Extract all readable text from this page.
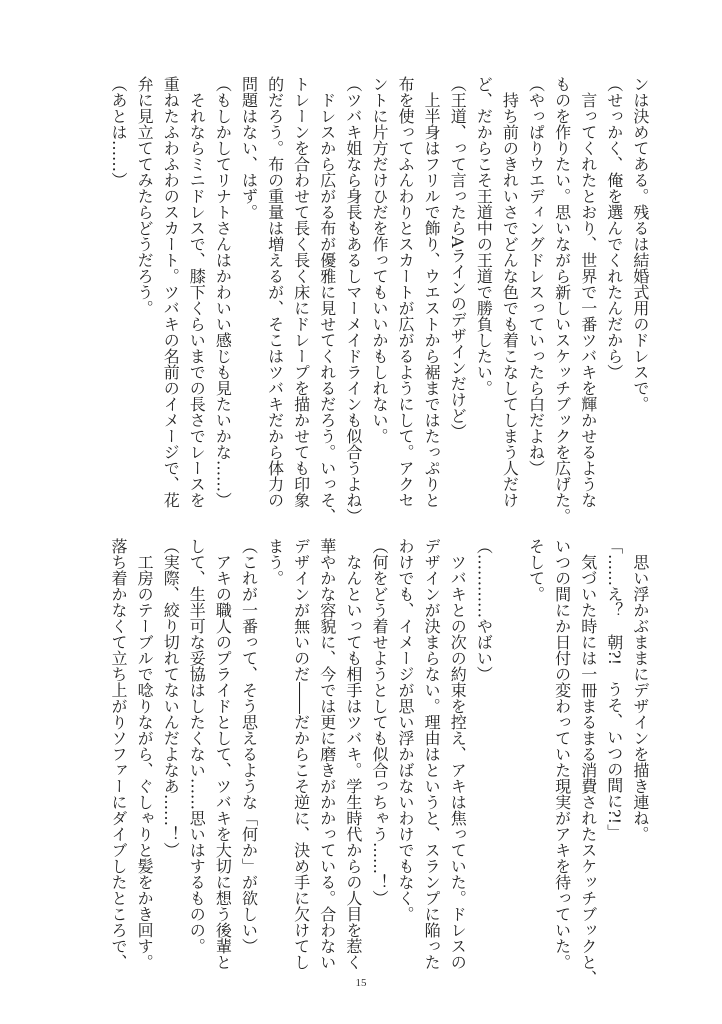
ンは決めてある。残るは結婚式用のドレスで。
（せっかく、俺を選んでくれたんだから）
　言ってくれたとおり、世界で一番ツバキを輝かせるような
ものを作りたい。思いながら新しいスケッチブックを広げた。
（やっぱりウエディングドレスっていったら白だよね）
　持ち前のきれいさでどんな色でも着こなしてしまう人だけ
ど、だからこそ王道中の王道で勝負したい。
（王道、って言ったらAラインのデザインだけど）
　上半身はフリルで飾り、ウエストから裾まではたっぷりと
布を使ってふんわりとスカートが広がるようにして。アクセ
ントに片方だけひだを作ってもいいかもしれない。
（ツバキ姐なら身長もあるしマーメイドラインも似合うよね）
　ドレスから広がる布が優雅に見せてくれるだろう。いっそ、
トレーンを合わせて長く長く床にドレープを描かせても印象
的だろう。布の重量は増えるが、そこはツバキだから体力の
問題はない、はず。
（もしかしてリナトさんはかわいい感じも見たいかな……）
　それならミニドレスで、膝下くらいまでの長さでレースを
重ねたふわふわのスカート。ツバキの名前のイメージで、花
弁に見立ててみたらどうだろう。
（あとは……）
　思い浮かぶままにデザインを描き連ね。
「……え？　朝?!　うそ、いつの間に?!」
　気づいた時には一冊まるまる消費されたスケッチブックと、
いつの間にか日付の変わっていた現実がアキを待っていた。
そして。
（…………やばい）
　ツバキとの次の約束を控え、アキは焦っていた。ドレスの
デザインが決まらない。理由はというと、スランプに陥った
わけでも、イメージが思い浮かばないわけでもなく。
（何をどう着せようとしても似合っちゃう……！）
　なんといっても相手はツバキ。学生時代からの人目を惹く
華やかな容貌に、今では更に磨きがかかっている。合わない
デザインが無いのだ――だからこそ逆に、決め手に欠けてし
まう。
（これが一番って、そう思えるような「何か」が欲しい）
　アキの職人のプライドとして、ツバキを大切に想う後輩と
して、生半可な妥協はしたくない……思いはするものの。
（実際、絞り切れてないんだよなあ……！）
　工房のテーブルで唸りながら、ぐしゃりと髪をかき回す。
落ち着かなくて立ち上がりソファーにダイブしたところで、
15
